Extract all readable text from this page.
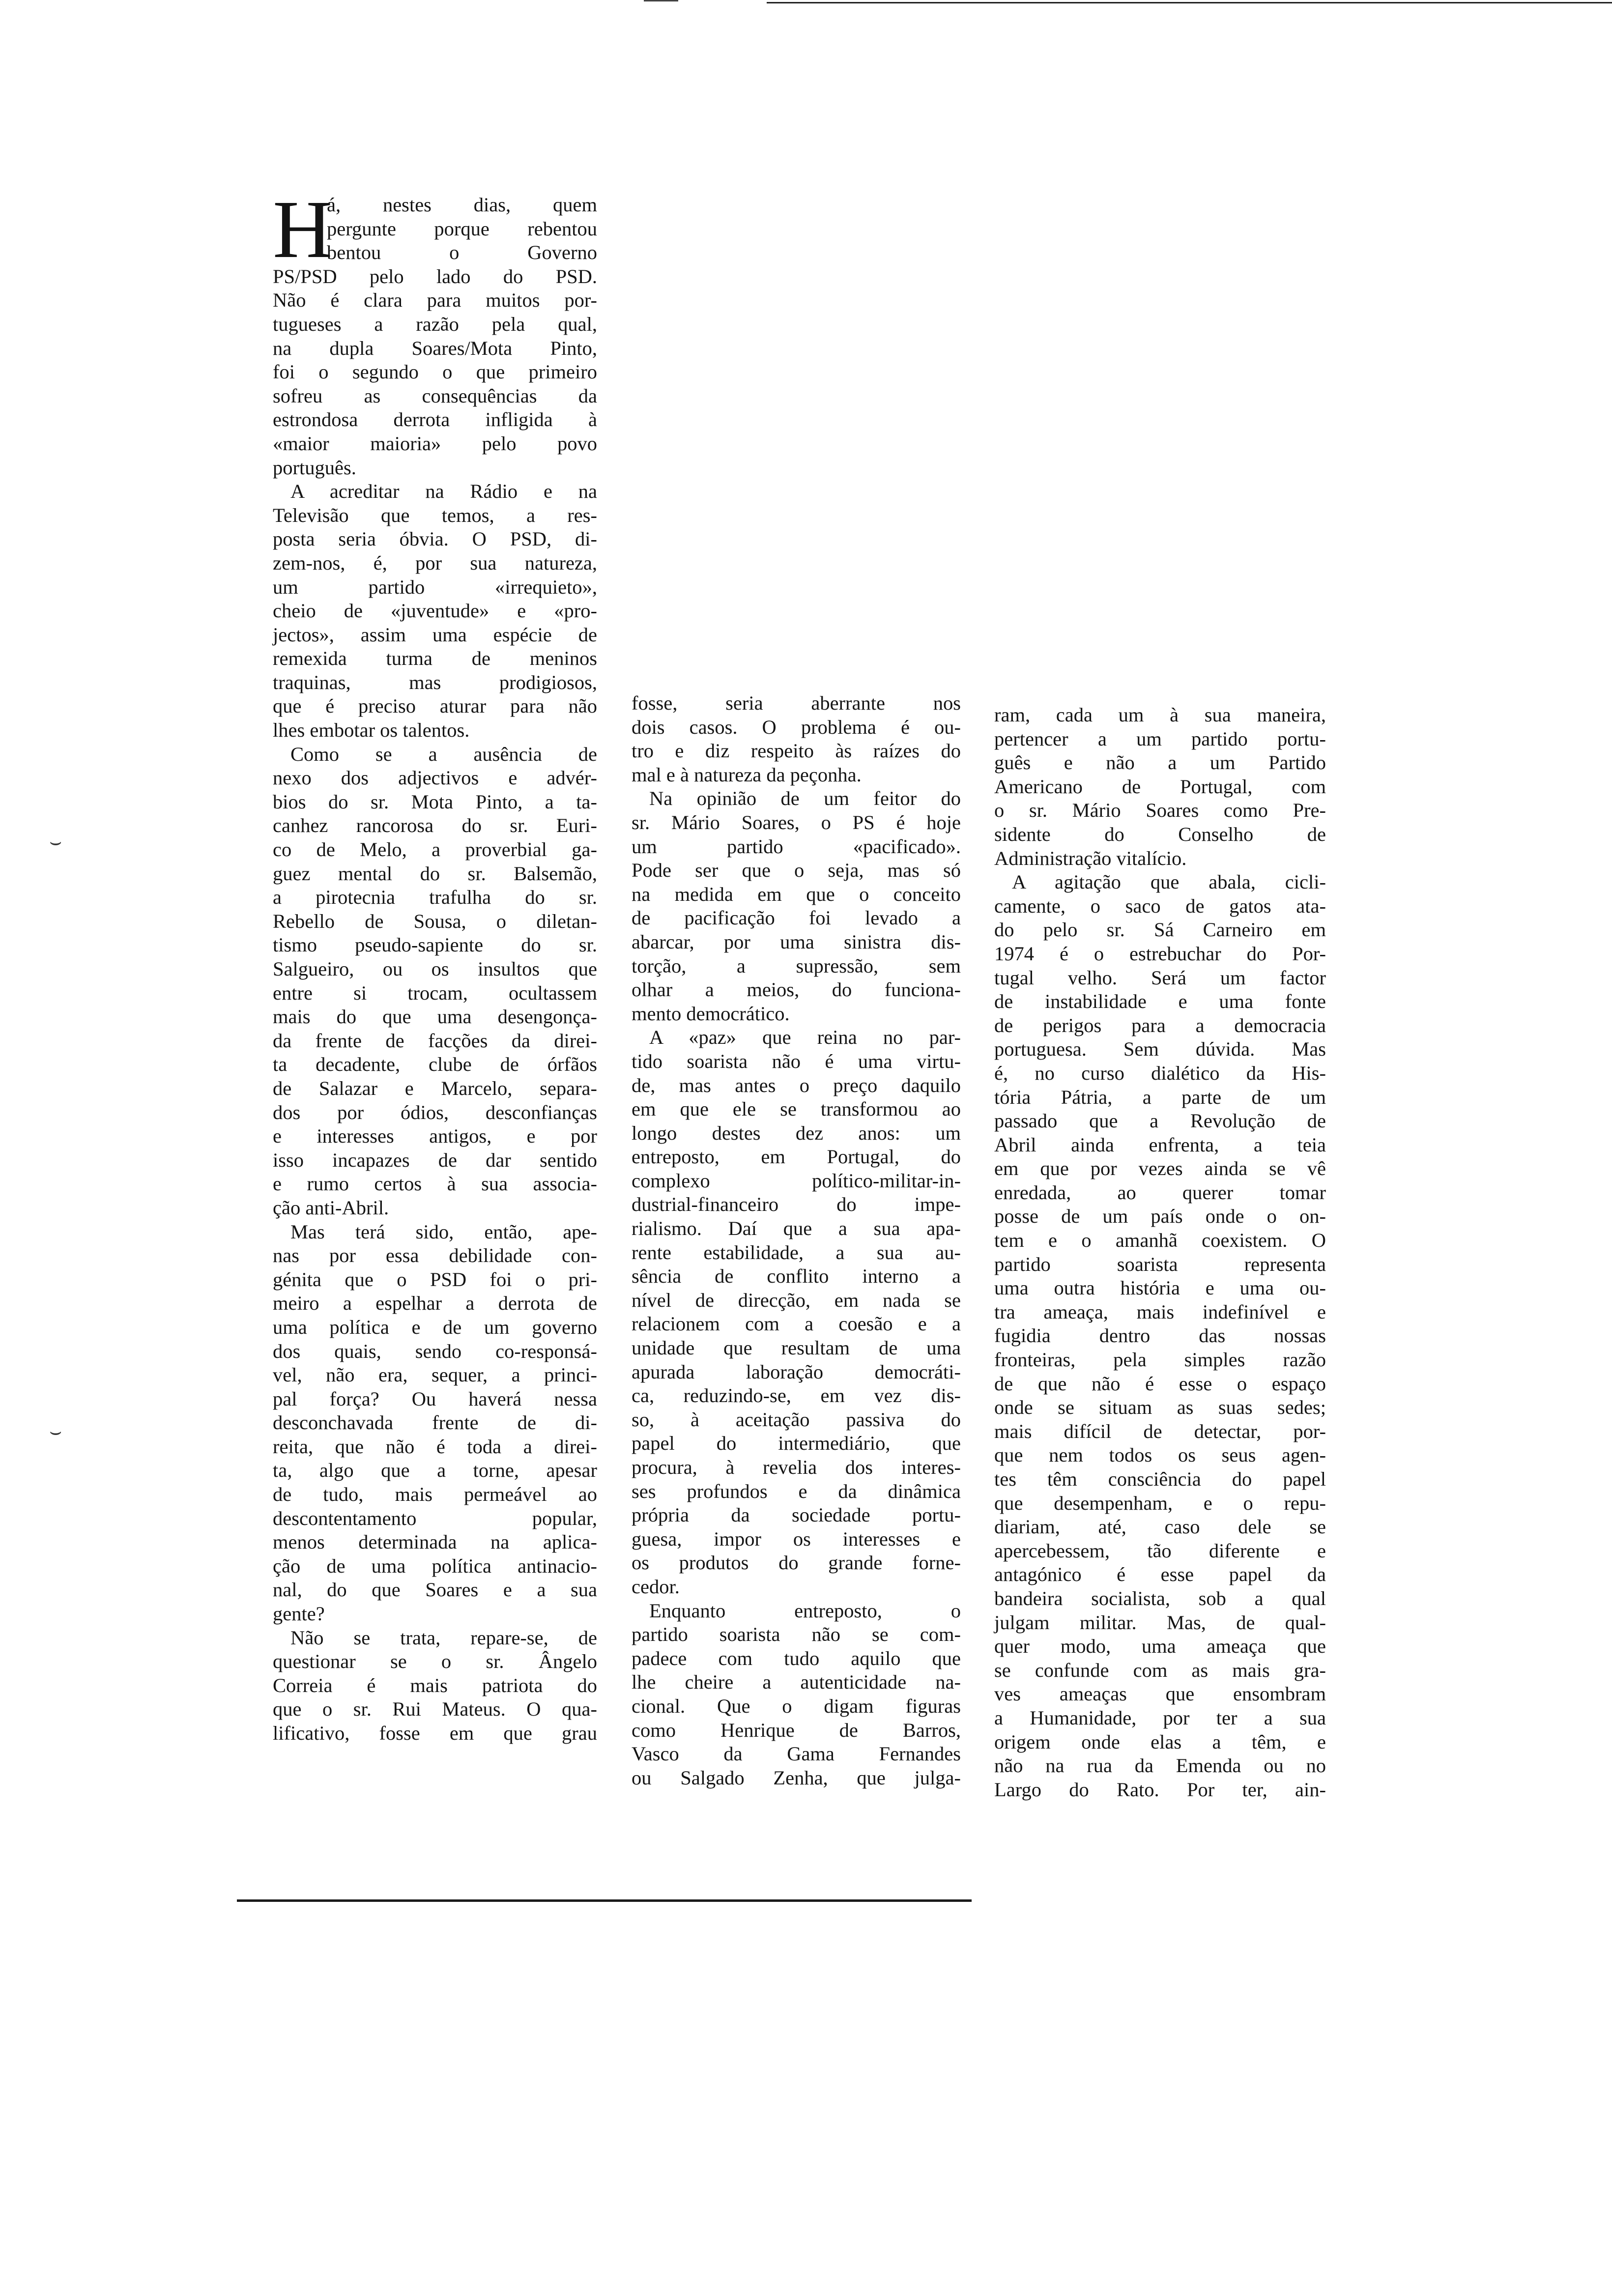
H
á, nestes dias, quem
pergunte porque rebentou
bentou o Governo
PS/PSD pelo lado do PSD.
Não é clara para muitos por-
tugueses a razão pela qual,
na dupla Soares/Mota Pinto,
foi o segundo o que primeiro
sofreu as consequências da
estrondosa derrota infligida à
«maior maioria» pelo povo
português.
A acreditar na Rádio e na
Televisão que temos, a res-
posta seria óbvia. O PSD, di-
zem-nos, é, por sua natureza,
um partido «irrequieto»,
cheio de «juventude» e «pro-
jectos», assim uma espécie de
remexida turma de meninos
traquinas, mas prodigiosos,
que é preciso aturar para não
lhes embotar os talentos.
Como se a ausência de
nexo dos adjectivos e advér-
bios do sr. Mota Pinto, a ta-
canhez rancorosa do sr. Euri-
co de Melo, a proverbial ga-
guez mental do sr. Balsemão,
a pirotecnia trafulha do sr.
Rebello de Sousa, o diletan-
tismo pseudo-sapiente do sr.
Salgueiro, ou os insultos que
entre si trocam, ocultassem
mais do que uma desengonça-
da frente de facções da direi-
ta decadente, clube de órfãos
de Salazar e Marcelo, separa-
dos por ódios, desconfianças
e interesses antigos, e por
isso incapazes de dar sentido
e rumo certos à sua associa-
ção anti-Abril.
Mas terá sido, então, ape-
nas por essa debilidade con-
génita que o PSD foi o pri-
meiro a espelhar a derrota de
uma política e de um governo
dos quais, sendo co-responsá-
vel, não era, sequer, a princi-
pal força? Ou haverá nessa
desconchavada frente de di-
reita, que não é toda a direi-
ta, algo que a torne, apesar
de tudo, mais permeável ao
descontentamento popular,
menos determinada na aplica-
ção de uma política antinacio-
nal, do que Soares e a sua
gente?
Não se trata, repare-se, de
questionar se o sr. Ângelo
Correia é mais patriota do
que o sr. Rui Mateus. O qua-
lificativo, fosse em que grau
fosse, seria aberrante nos
dois casos. O problema é ou-
tro e diz respeito às raízes do
mal e à natureza da peçonha.
Na opinião de um feitor do
sr. Mário Soares, o PS é hoje
um partido «pacificado».
Pode ser que o seja, mas só
na medida em que o conceito
de pacificação foi levado a
abarcar, por uma sinistra dis-
torção, a supressão, sem
olhar a meios, do funciona-
mento democrático.
A «paz» que reina no par-
tido soarista não é uma virtu-
de, mas antes o preço daquilo
em que ele se transformou ao
longo destes dez anos: um
entreposto, em Portugal, do
complexo político-militar-in-
dustrial-financeiro do impe-
rialismo. Daí que a sua apa-
rente estabilidade, a sua au-
sência de conflito interno a
nível de direcção, em nada se
relacionem com a coesão e a
unidade que resultam de uma
apurada laboração democráti-
ca, reduzindo-se, em vez dis-
so, à aceitação passiva do
papel do intermediário, que
procura, à revelia dos interes-
ses profundos e da dinâmica
própria da sociedade portu-
guesa, impor os interesses e
os produtos do grande forne-
cedor.
Enquanto entreposto, o
partido soarista não se com-
padece com tudo aquilo que
lhe cheire a autenticidade na-
cional. Que o digam figuras
como Henrique de Barros,
Vasco da Gama Fernandes
ou Salgado Zenha, que julga-
ram, cada um à sua maneira,
pertencer a um partido portu-
guês e não a um Partido
Americano de Portugal, com
o sr. Mário Soares como Pre-
sidente do Conselho de
Administração vitalício.
A agitação que abala, cicli-
camente, o saco de gatos ata-
do pelo sr. Sá Carneiro em
1974 é o estrebuchar do Por-
tugal velho. Será um factor
de instabilidade e uma fonte
de perigos para a democracia
portuguesa. Sem dúvida. Mas
é, no curso dialético da His-
tória Pátria, a parte de um
passado que a Revolução de
Abril ainda enfrenta, a teia
em que por vezes ainda se vê
enredada, ao querer tomar
posse de um país onde o on-
tem e o amanhã coexistem. O
partido soarista representa
uma outra história e uma ou-
tra ameaça, mais indefinível e
fugidia dentro das nossas
fronteiras, pela simples razão
de que não é esse o espaço
onde se situam as suas sedes;
mais difícil de detectar, por-
que nem todos os seus agen-
tes têm consciência do papel
que desempenham, e o repu-
diariam, até, caso dele se
apercebessem, tão diferente e
antagónico é esse papel da
bandeira socialista, sob a qual
julgam militar. Mas, de qual-
quer modo, uma ameaça que
se confunde com as mais gra-
ves ameaças que ensombram
a Humanidade, por ter a sua
origem onde elas a têm, e
não na rua da Emenda ou no
Largo do Rato. Por ter, ain-
⌣
⌣
